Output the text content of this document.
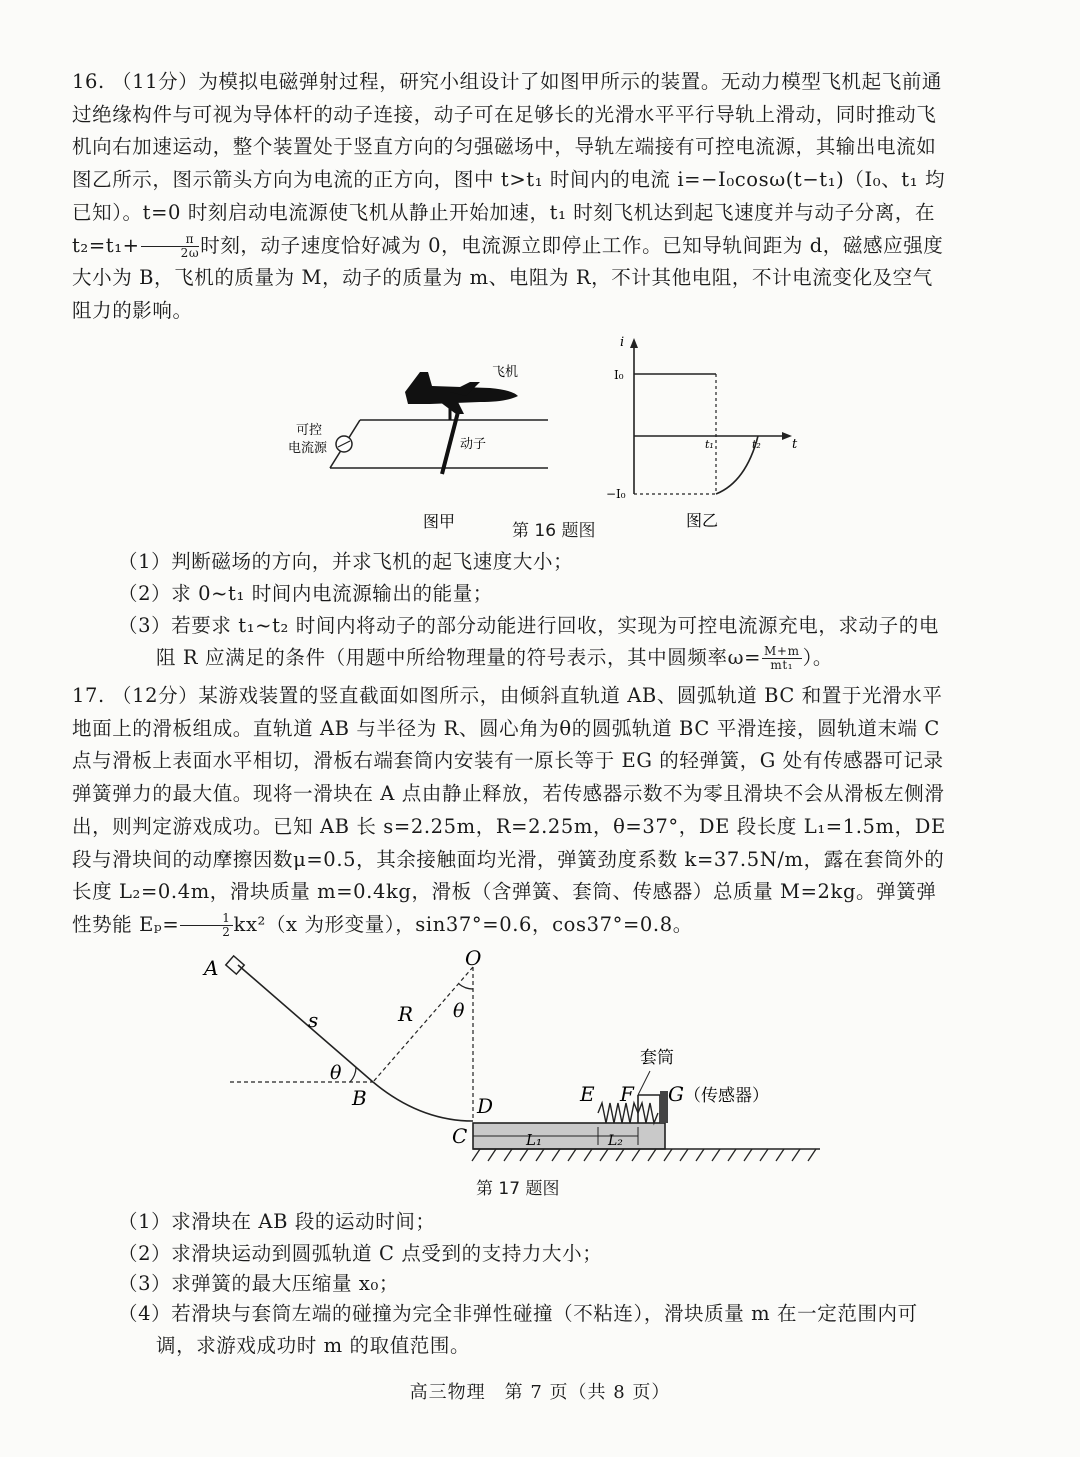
16. （11分）为模拟电磁弹射过程，研究小组设计了如图甲所示的装置。无动力模型飞机起飞前通过绝缘构件与可视为导体杆的动子连接，动子可在足够长的光滑水平平行导轨上滑动，同时推动飞机向右加速运动，整个装置处于竖直方向的匀强磁场中，导轨左端接有可控电流源，其输出电流如图乙所示，图示箭头方向为电流的正方向，图中 t>t₁ 时间内的电流 i=−I₀cosω(t−t₁)（I₀、t₁ 均已知）。t=0 时刻启动电流源使飞机从静止开始加速，t₁ 时刻飞机达到起飞速度并与动子分离，在 $t_2=t_1+ \frac{\pi}{2\omega}$ 时刻，动子速度恰好减为 0，电流源立即停止工作。已知导轨间距为 d，磁感应强度大小为 B，飞机的质量为 M，动子的质量为 m、电阻为 R，不计其他电阻，不计电流变化及空气阻力的影响。
飞机
可控
电流源	动子
图甲	第 16 题图
i
t
I₀
−I₀
t₁	t₂
图乙
（1）判断磁场的方向，并求飞机的起飞速度大小；
（2）求 0~t₁ 时间内电流源输出的能量；
（3）若要求 t₁~t₂ 时间内将动子的部分动能进行回收，实现为可控电流源充电，求动子的电
阻 R 应满足的条件（用题中所给物理量的符号表示，其中圆频率$\omega= \frac{M+m}{\text{mt₁}}$ ）。
17. （12分）某游戏装置的竖直截面如图所示，由倾斜直轨道 AB、圆弧轨道 BC 和置于光滑水平地面上的滑板组成。直轨道 AB 与半径为 R、圆心角为θ的圆弧轨道 BC 平滑连接，圆轨道末端 C 点与滑板上表面水平相切，滑板右端套筒内安装有一原长等于 EG 的轻弹簧，G 处有传感器可记录弹簧弹力的最大值。现将一滑块在 A 点由静止释放，若传感器示数不为零且滑块不会从滑板左侧滑出，则判定游戏成功。已知 AB 长 s=2.25m，R=2.25m，θ=37°，DE 段长度 L₁=1.5m，DE 段与滑块间的动摩擦因数μ=0.5，其余接触面均光滑，弹簧劲度系数 k=37.5N/m，露在套筒外的长度 L₂=0.4m，滑块质量 m=0.4kg，滑板（含弹簧、套筒、传感器）总质量 M=2kg。弹簧弹性势能 $E_p= \frac{1}{2} kx^2(x$ 为形变量），sin37°=0.6，cos37°=0.8。
A
B
C
D	E F G
O
s	R
θ
θ
L₁	L₂
套筒
（传感器）
第 17 题图
（1）求滑块在 AB 段的运动时间；
（2）求滑块运动到圆弧轨道 C 点受到的支持力大小；
（3）求弹簧的最大压缩量 x₀；
（4）若滑块与套筒左端的碰撞为完全非弹性碰撞（不粘连），滑块质量 m 在一定范围内可
调，求游戏成功时 m 的取值范围。
高三物理　第 7 页（共 8 页）
